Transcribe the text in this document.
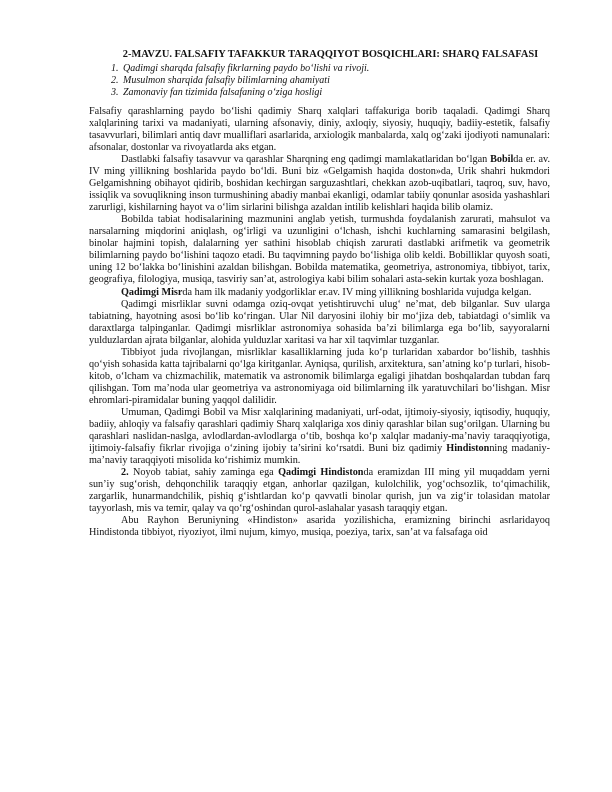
2-MAVZU. FALSAFIY TAFAKKUR TARAQQIYOT BOSQICHLARI: SHARQ FALSAFASI
1. Qadimgi sharqda falsafiy fikrlarning paydo bo‘lishi va rivoji.
2. Musulmon sharqida falsafiy bilimlarning ahamiyati
3. Zamonaviy fan tizimida falsafaning o‘ziga hosligi

Falsafiy qarashlarning paydo bo‘lishi qadimiy Sharq xalqlari taffakuriga borib taqaladi. Qadimgi Sharq xalqlarining tarixi va madaniyati, ularning afsonaviy, diniy, axloqiy, siyosiy, huquqiy, badiiy-estetik, falsafiy tasavvurlari, bilimlari antiq davr mualliflari asarlarida, arxiologik manbalarda, xalq og‘zaki ijodiyoti namunalari: afsonalar, dostonlar va rivoyatlarda aks etgan.

Dastlabki falsafiy tasavvur va qarashlar Sharqning eng qadimgi mamlakatlaridan bo‘lgan Bobilda er. av. IV ming yillikning boshlarida paydo bo‘ldi. Buni biz «Gelgamish haqida doston»da, Urik shahri hukmdori Gelgamishning obihayot qidirib, boshidan kechirgan sarguzashtlari, chekkan azob-uqibatlari, taqroq, suv, havo, issiqlik va sovuqlikning inson turmushining abadiy manbai ekanligi, odamlar tabiiy qonunlar asosida yashashlari zarurligi, kishilarning hayot va o‘lim sirlarini bilishga azaldan intilib kelishlari haqida bilib olamiz.

Bobilda tabiat hodisalarining mazmunini anglab yetish, turmushda foydalanish zarurati, mahsulot va narsalarning miqdorini aniqlash, og‘irligi va uzunligini o‘lchash, ishchi kuchlarning samarasini belgilash, binolar hajmini topish, dalalarning yer sathini hisoblab chiqish zarurati dastlabki arifmetik va geometrik bilimlarning paydo bo‘lishini taqozo etadi. Bu taqvimning paydo bo‘lishiga olib keldi. Bobilliklar quyosh soati, uning 12 bo‘lakka bo‘linishini azaldan bilishgan. Bobilda matematika, geometriya, astronomiya, tibbiyot, tarix, geografiya, filologiya, musiqa, tasviriy san’at, astrologiya kabi bilim sohalari asta-sekin kurtak yoza boshlagan.

Qadimgi Misrda ham ilk madaniy yodgorliklar er.av. IV ming yillikning boshlarida vujudga kelgan.

Qadimgi misrliklar suvni odamga oziq-ovqat yetishtiruvchi ulug‘ ne’mat, deb bilganlar. Suv ularga tabiatning, hayotning asosi bo‘lib ko‘ringan. Ular Nil daryosini ilohiy bir mo‘jiza deb, tabiatdagi o‘simlik va daraxtlarga talpinganlar. Qadimgi misrliklar astronomiya sohasida ba’zi bilimlarga ega bo‘lib, sayyoralarni yulduzlardan ajrata bilganlar, alohida yulduzlar xaritasi va har xil taqvimlar tuzganlar.

Tibbiyot juda rivojlangan, misrliklar kasalliklarning juda ko‘p turlaridan xabardor bo‘lishib, tashhis qo‘yish sohasida katta tajribalarni qo‘lga kiritganlar. Ayniqsa, qurilish, arxitektura, san’atning ko‘p turlari, hisob-kitob, o‘lcham va chizmachilik, matematik va astronomik bilimlarga egaligi jihatdan boshqalardan tubdan farq qilishgan. Tom ma’noda ular geometriya va astronomiyaga oid bilimlarning ilk yaratuvchilari bo‘lishgan. Misr ehromlari-piramidalar buning yaqqol dalilidir.

Umuman, Qadimgi Bobil va Misr xalqlarining madaniyati, urf-odat, ijtimoiy-siyosiy, iqtisodiy, huquqiy, badiiy, ahloqiy va falsafiy qarashlari qadimiy Sharq xalqlariga xos diniy qarashlar bilan sug‘orilgan. Ularning bu qarashlari naslidan-naslga, avlodlardan-avlodlarga o‘tib, boshqa ko‘p xalqlar madaniy-ma’naviy taraqqiyotiga, ijtimoiy-falsafiy fikrlar rivojiga o‘zining ijobiy ta’sirini ko‘rsatdi. Buni biz qadimiy Hindistonning madaniy-ma’naviy taraqqiyoti misolida ko‘rishimiz mumkin.

2. Noyob tabiat, sahiy zaminga ega Qadimgi Hindistonda eramizdan III ming yil muqaddam yerni sun’iy sug‘orish, dehqonchilik taraqqiy etgan, anhorlar qazilgan, kulolchilik, yog‘ochsozlik, to‘qimachilik, zargarlik, hunarmandchilik, pishiq g‘ishtlardan ko‘p qavvatli binolar qurish, jun va zig‘ir tolasidan matolar tayyorlash, mis va temir, qalay va qo‘rg‘oshindan qurol-aslahalar yasash taraqqiy etgan.

Abu Rayhon Beruniyning «Hindiston» asarida yozilishicha, eramizning birinchi asrlaridayoq Hindistonda tibbiyot, riyoziyot, ilmi nujum, kimyo, musiqa, poeziya, tarix, san’at va falsafaga oid
